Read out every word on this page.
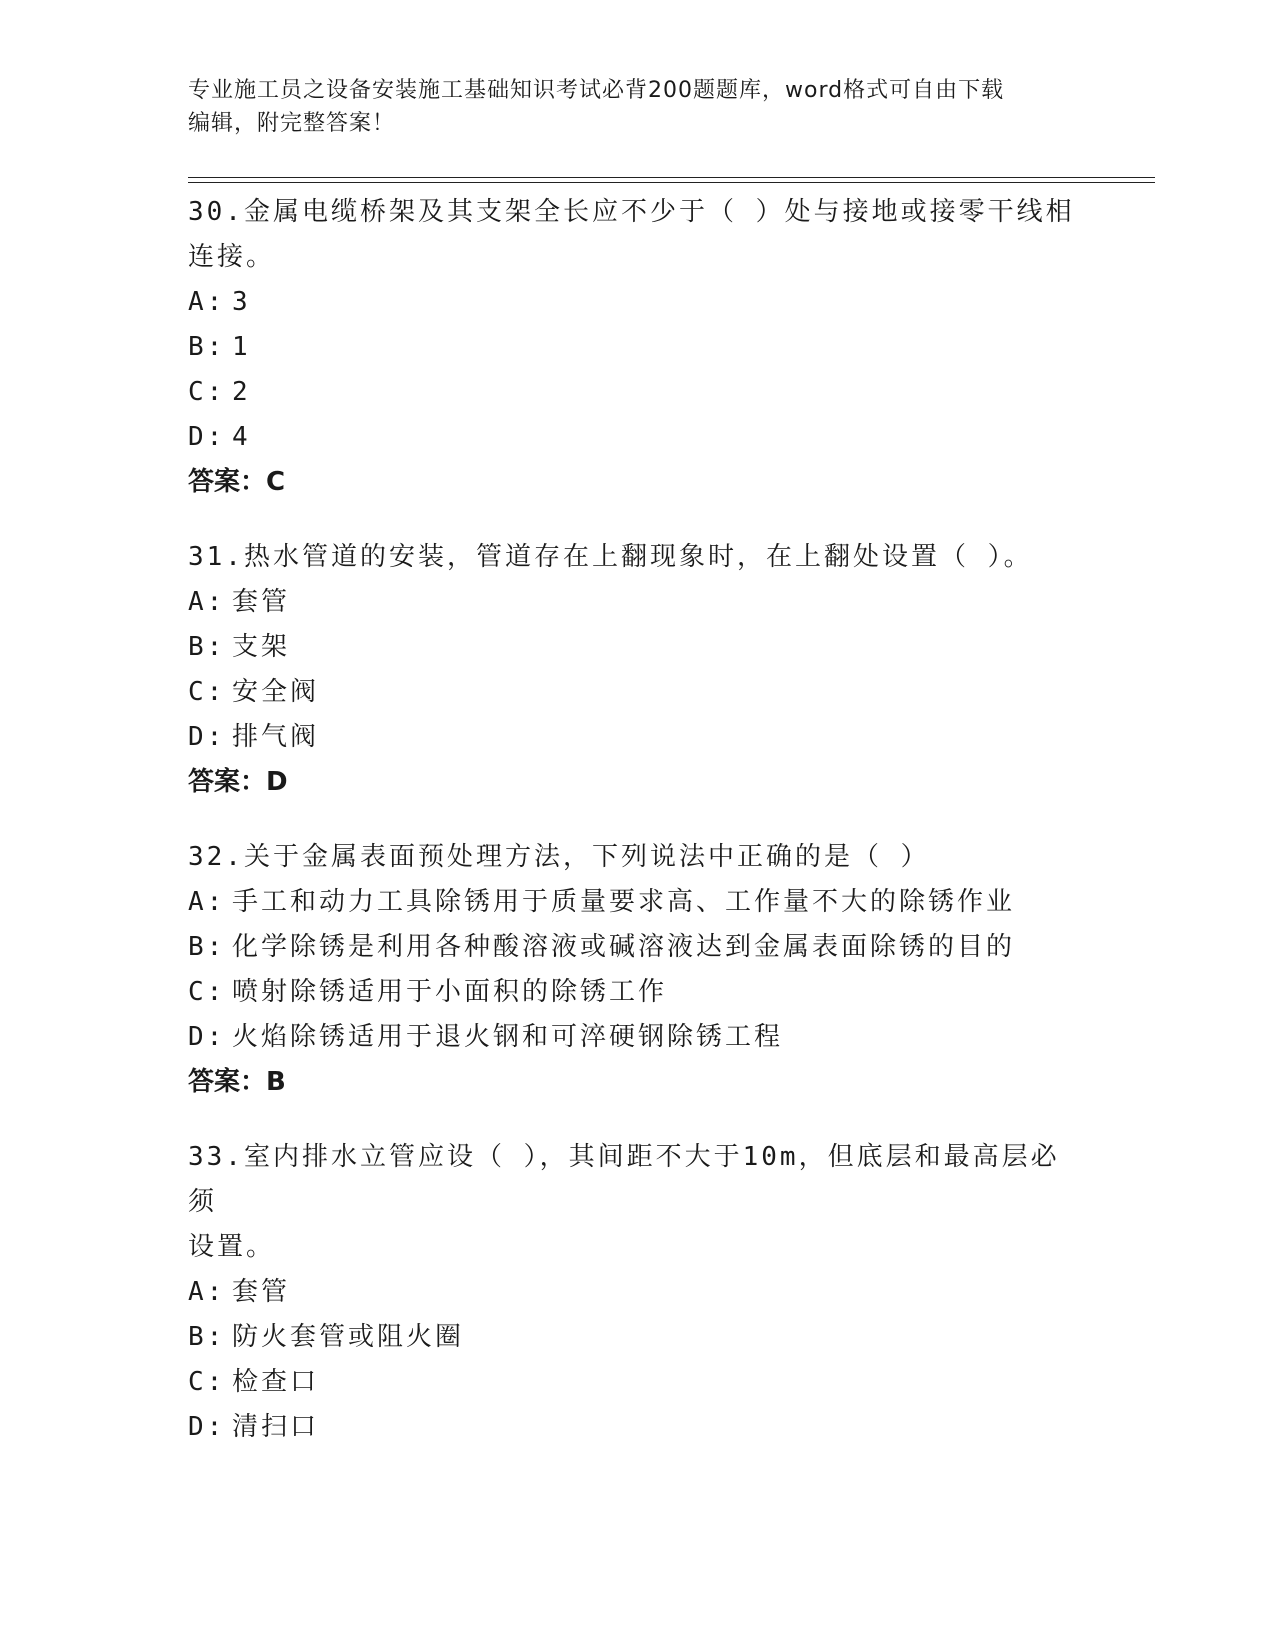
专业施工员之设备安装施工基础知识考试必背200题题库，word格式可自由下载
编辑，附完整答案！

30.金属电缆桥架及其支架全长应不少于（ ）处与接地或接零干线相

连接。

A: 3

B: 1

C: 2

D: 4

答案：C

31.热水管道的安装，管道存在上翻现象时，在上翻处设置（ ）。

A: 套管

B: 支架

C: 安全阀

D: 排气阀

答案：D

32.关于金属表面预处理方法，下列说法中正确的是（ ）

A: 手工和动力工具除锈用于质量要求高、工作量不大的除锈作业

B: 化学除锈是利用各种酸溶液或碱溶液达到金属表面除锈的目的

C: 喷射除锈适用于小面积的除锈工作

D: 火焰除锈适用于退火钢和可淬硬钢除锈工程

答案：B

33.室内排水立管应设（ ），其间距不大于10m，但底层和最高层必须

设置。

A: 套管

B: 防火套管或阻火圈

C: 检查口

D: 清扫口
